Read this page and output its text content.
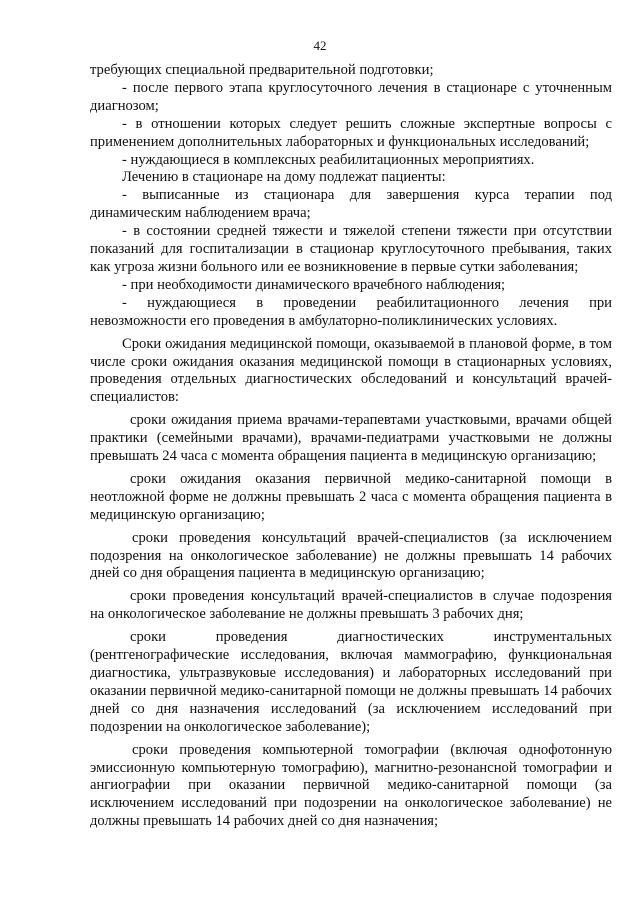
42

требующих специальной предварительной подготовки;

- после первого этапа круглосуточного лечения в стационаре с уточненным диагнозом;

- в отношении которых следует решить сложные экспертные вопросы с применением дополнительных лабораторных и функциональных исследований;

- нуждающиеся в комплексных реабилитационных мероприятиях.

Лечению в стационаре на дому подлежат пациенты:

- выписанные из стационара для завершения курса терапии под динамическим наблюдением врача;

- в состоянии средней тяжести и тяжелой степени тяжести при отсутствии показаний для госпитализации в стационар круглосуточного пребывания, таких как угроза жизни больного или ее возникновение в первые сутки заболевания;

- при необходимости динамического врачебного наблюдения;

- нуждающиеся в проведении реабилитационного лечения при невозможности его проведения в амбулаторно-поликлинических условиях.

Сроки ожидания медицинской помощи, оказываемой в плановой форме, в том числе сроки ожидания оказания медицинской помощи в стационарных условиях, проведения отдельных диагностических обследований и консультаций врачей-специалистов:

сроки ожидания приема врачами-терапевтами участковыми, врачами общей практики (семейными врачами), врачами-педиатрами участковыми не должны превышать 24 часа с момента обращения пациента в медицинскую организацию;

сроки ожидания оказания первичной медико-санитарной помощи в неотложной форме не должны превышать 2 часа с момента обращения пациента в медицинскую организацию;

сроки проведения консультаций врачей-специалистов (за исключением подозрения на онкологическое заболевание) не должны превышать 14 рабочих дней со дня обращения пациента в медицинскую организацию;

сроки проведения консультаций врачей-специалистов в случае подозрения на онкологическое заболевание не должны превышать 3 рабочих дня;

сроки проведения диагностических инструментальных (рентгенографические исследования, включая маммографию, функциональная диагностика, ультразвуковые исследования) и лабораторных исследований при оказании первичной медико-санитарной помощи не должны превышать 14 рабочих дней со дня назначения исследований (за исключением исследований при подозрении на онкологическое заболевание);

сроки проведения компьютерной томографии (включая однофотонную эмиссионную компьютерную томографию), магнитно-резонансной томографии и ангиографии при оказании первичной медико-санитарной помощи (за исключением исследований при подозрении на онкологическое заболевание) не должны превышать 14 рабочих дней со дня назначения;
